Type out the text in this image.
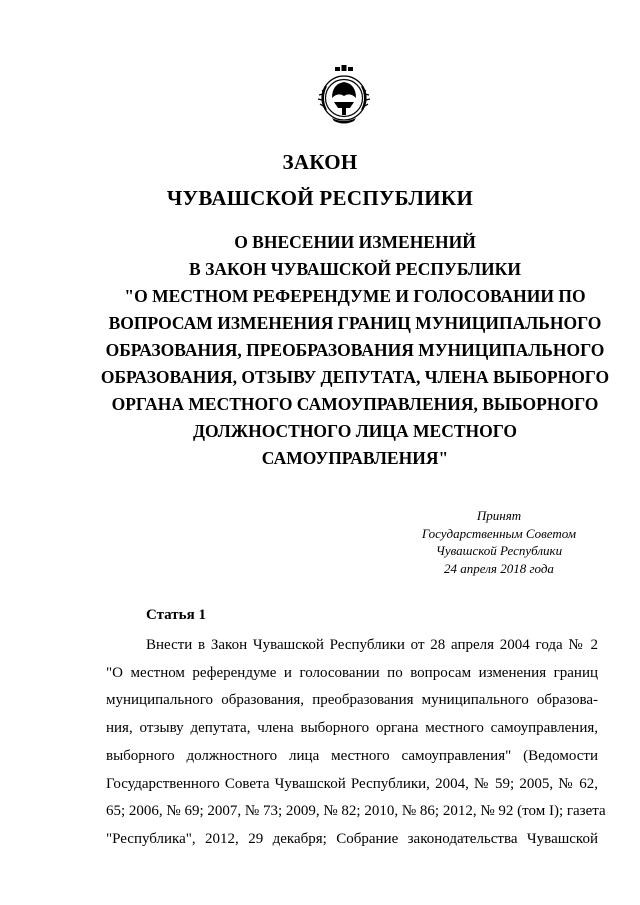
ЗАКОН
ЧУВАШСКОЙ РЕСПУБЛИКИ
О ВНЕСЕНИИ ИЗМЕНЕНИЙ
В ЗАКОН ЧУВАШСКОЙ РЕСПУБЛИКИ
"О МЕСТНОМ РЕФЕРЕНДУМЕ И ГОЛОСОВАНИИ ПО
ВОПРОСАМ ИЗМЕНЕНИЯ ГРАНИЦ МУНИЦИПАЛЬНОГО
ОБРАЗОВАНИЯ, ПРЕОБРАЗОВАНИЯ МУНИЦИПАЛЬНОГО
ОБРАЗОВАНИЯ, ОТЗЫВУ ДЕПУТАТА, ЧЛЕНА ВЫБОРНОГО
ОРГАНА МЕСТНОГО САМОУПРАВЛЕНИЯ, ВЫБОРНОГО
ДОЛЖНОСТНОГО ЛИЦА МЕСТНОГО
САМОУПРАВЛЕНИЯ"
Принят
Государственным Советом
Чувашской Республики
24 апреля 2018 года
Статья 1
Внести в Закон Чувашской Республики от 28 апреля 2004 года № 2
"О местном референдуме и голосовании по вопросам изменения границ
муниципального образования, преобразования муниципального образова-
ния, отзыву депутата, члена выборного органа местного самоуправления,
выборного должностного лица местного самоуправления" (Ведомости
Государственного Совета Чувашской Республики, 2004, № 59; 2005, № 62,
65; 2006, № 69; 2007, № 73; 2009, № 82; 2010, № 86; 2012, № 92 (том I); газета
"Республика", 2012, 29 декабря; Собрание законодательства Чувашской
